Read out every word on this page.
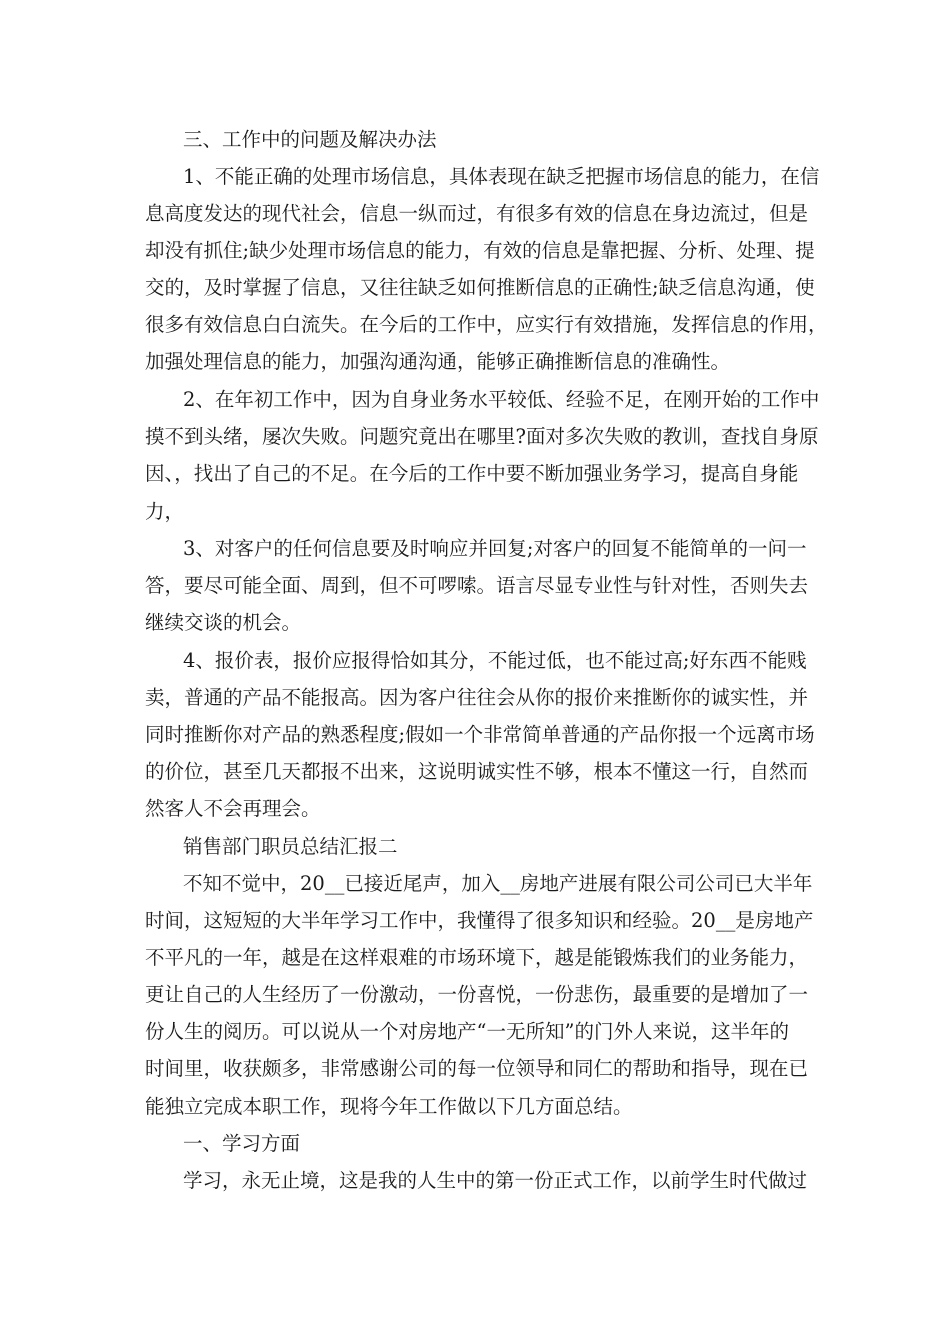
三、工作中的问题及解决办法

1、不能正确的处理市场信息，具体表现在缺乏把握市场信息的能力，在信

息高度发达的现代社会，信息一纵而过，有很多有效的信息在身边流过，但是

却没有抓住;缺少处理市场信息的能力，有效的信息是靠把握、分析、处理、提

交的，及时掌握了信息，又往往缺乏如何推断信息的正确性;缺乏信息沟通，使

很多有效信息白白流失。在今后的工作中，应实行有效措施，发挥信息的作用，

加强处理信息的能力，加强沟通沟通，能够正确推断信息的准确性。

2、在年初工作中，因为自身业务水平较低、经验不足，在刚开始的工作中

摸不到头绪，屡次失败。问题究竟出在哪里?面对多次失败的教训，查找自身原

因、，找出了自己的不足。在今后的工作中要不断加强业务学习，提高自身能

力，

3、对客户的任何信息要及时响应并回复;对客户的回复不能简单的一问一

答，要尽可能全面、周到，但不可啰嗦。语言尽显专业性与针对性，否则失去

继续交谈的机会。

4、报价表，报价应报得恰如其分，不能过低，也不能过高;好东西不能贱

卖，普通的产品不能报高。因为客户往往会从你的报价来推断你的诚实性，并

同时推断你对产品的熟悉程度;假如一个非常简单普通的产品你报一个远离市场

的价位，甚至几天都报不出来，这说明诚实性不够，根本不懂这一行，自然而

然客人不会再理会。

销售部门职员总结汇报二

不知不觉中，20__已接近尾声，加入__房地产进展有限公司公司已大半年

时间，这短短的大半年学习工作中，我懂得了很多知识和经验。20__是房地产

不平凡的一年，越是在这样艰难的市场环境下，越是能锻炼我们的业务能力，

更让自己的人生经历了一份激动，一份喜悦，一份悲伤，最重要的是增加了一

份人生的阅历。可以说从一个对房地产“一无所知”的门外人来说，这半年的

时间里，收获颇多，非常感谢公司的每一位领导和同仁的帮助和指导，现在已

能独立完成本职工作，现将今年工作做以下几方面总结。

一、学习方面

学习，永无止境，这是我的人生中的第一份正式工作，以前学生时代做过
